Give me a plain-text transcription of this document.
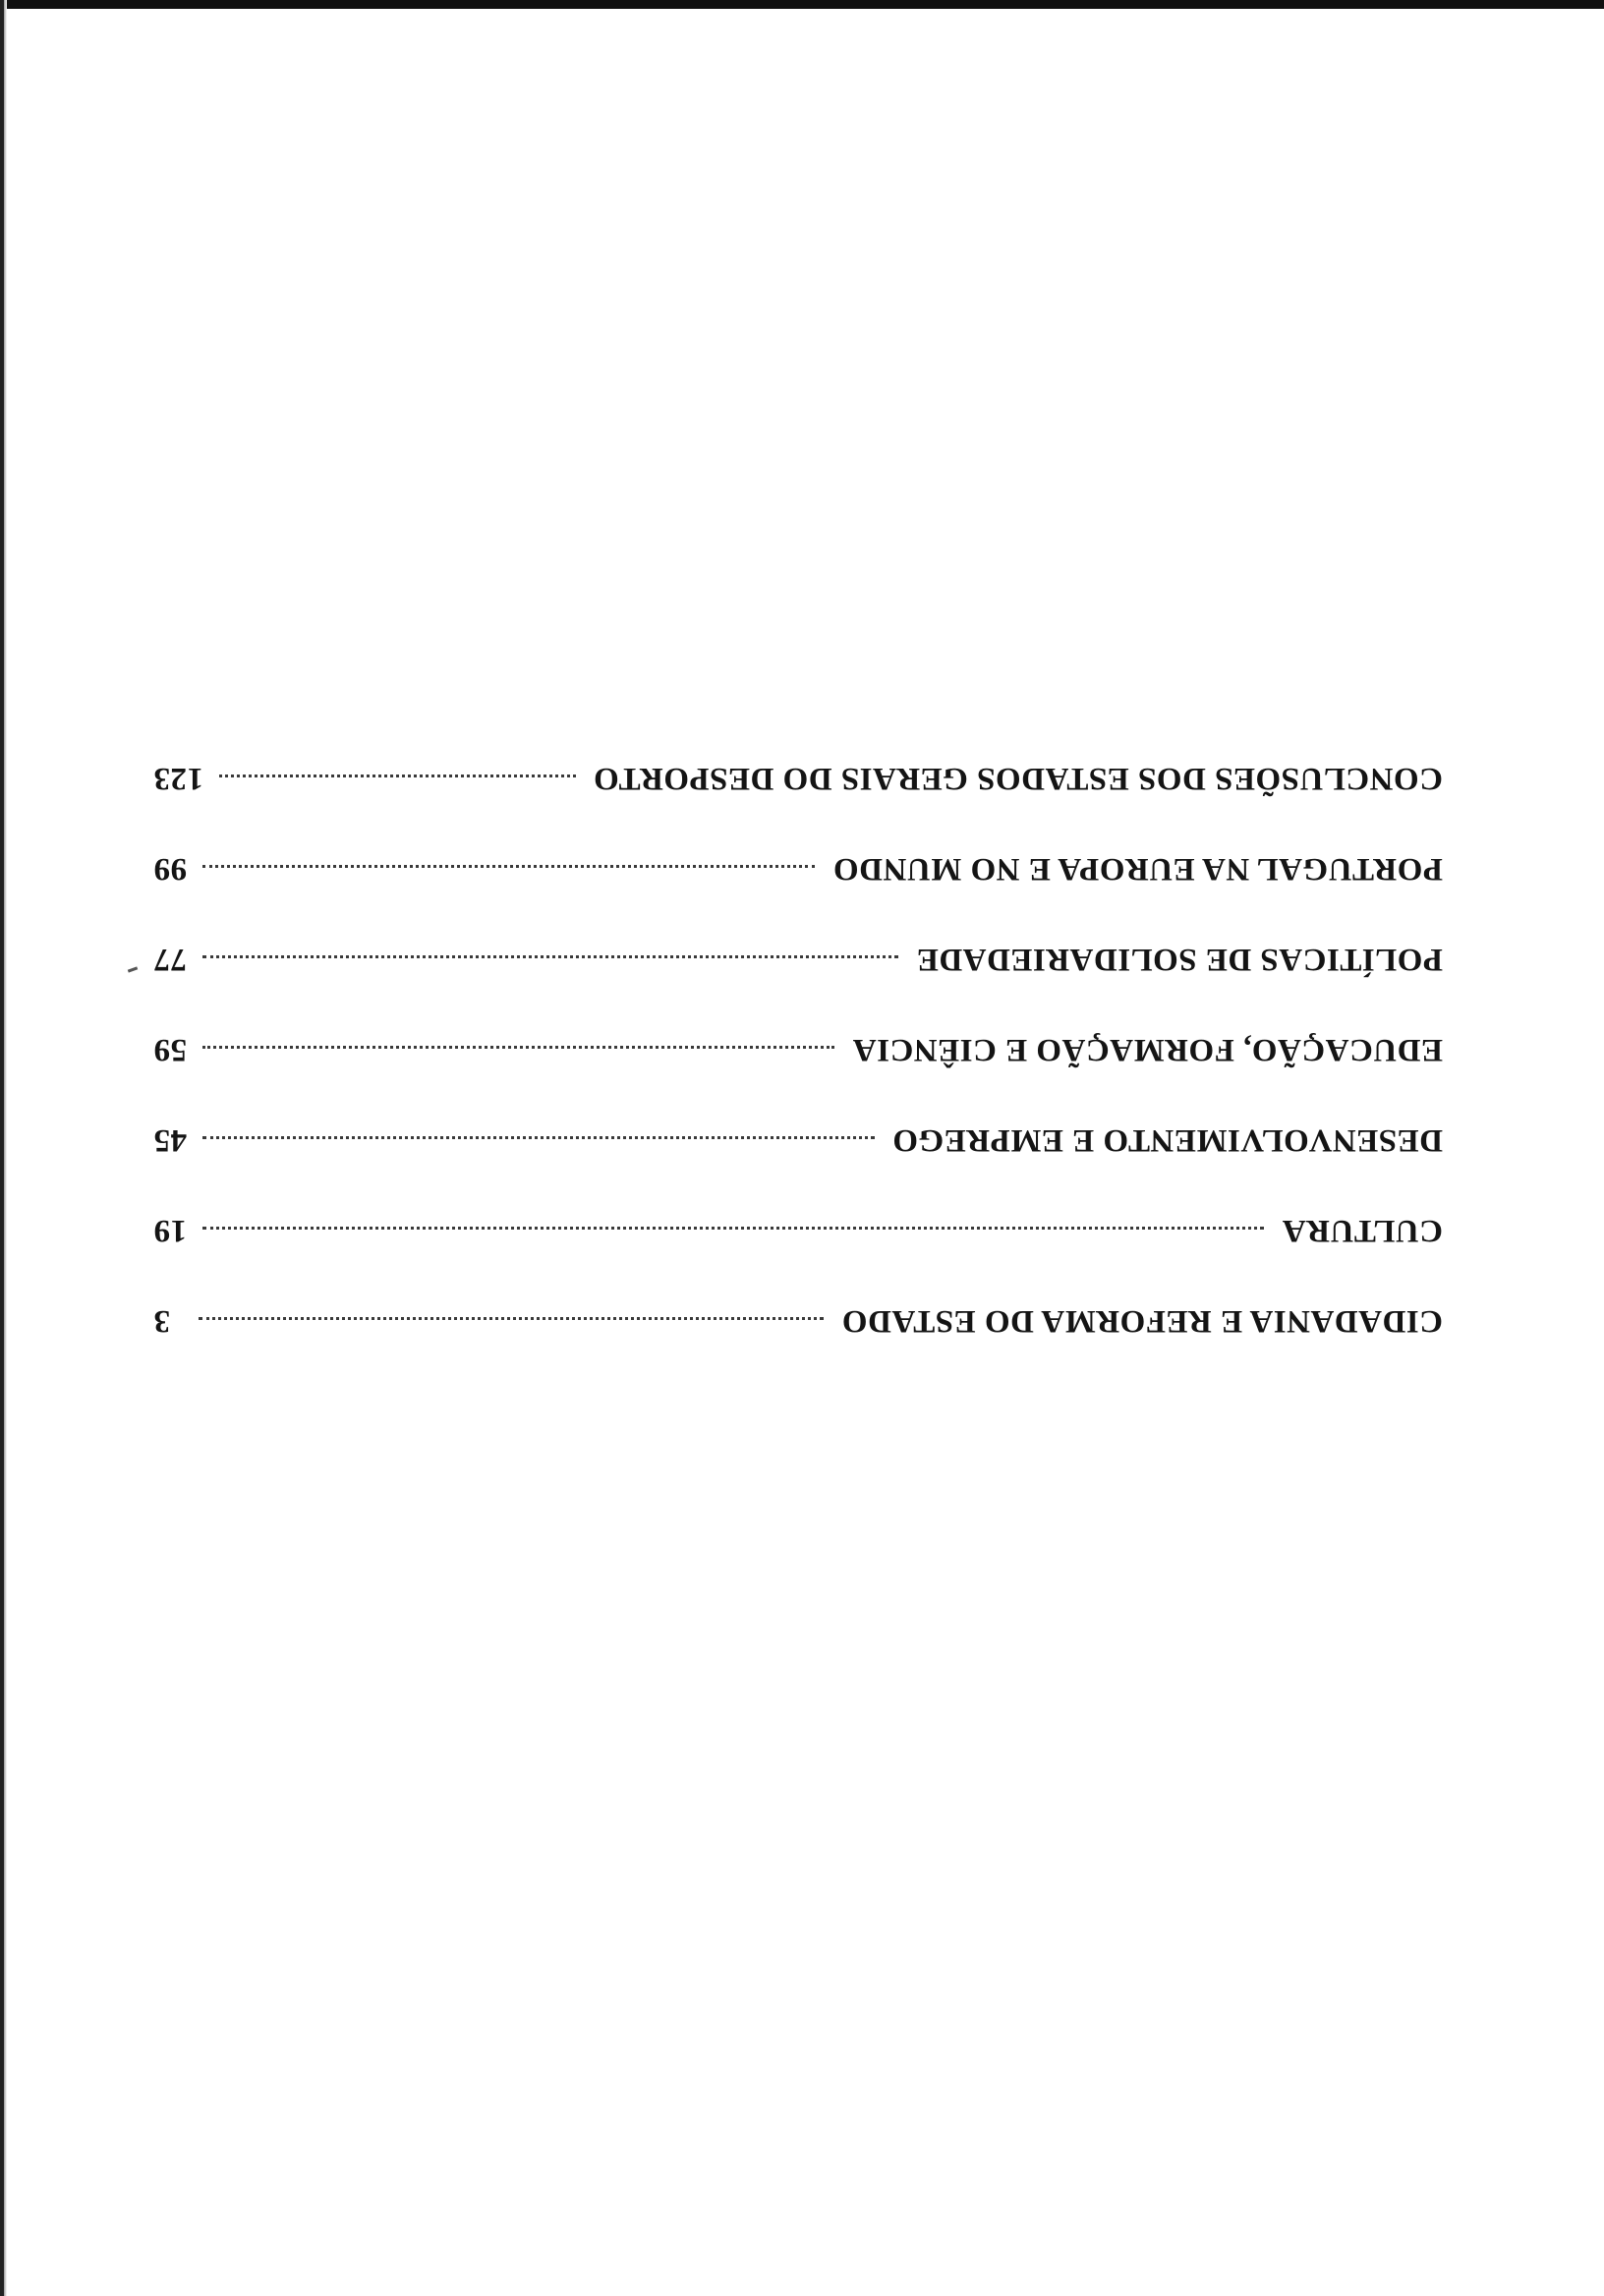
CIDADANIA E REFORMA DO ESTADO
3
CULTURA
19
DESENVOLVIMENTO E EMPREGO
45
EDUCAÇÃO, FORMAÇÃO E CIÊNCIA
59
POLÍTICAS DE SOLIDARIEDADE
77
PORTUGAL NA EUROPA E NO MUNDO
99
CONCLUSÕES DOS ESTADOS GERAIS DO DESPORTO
123
